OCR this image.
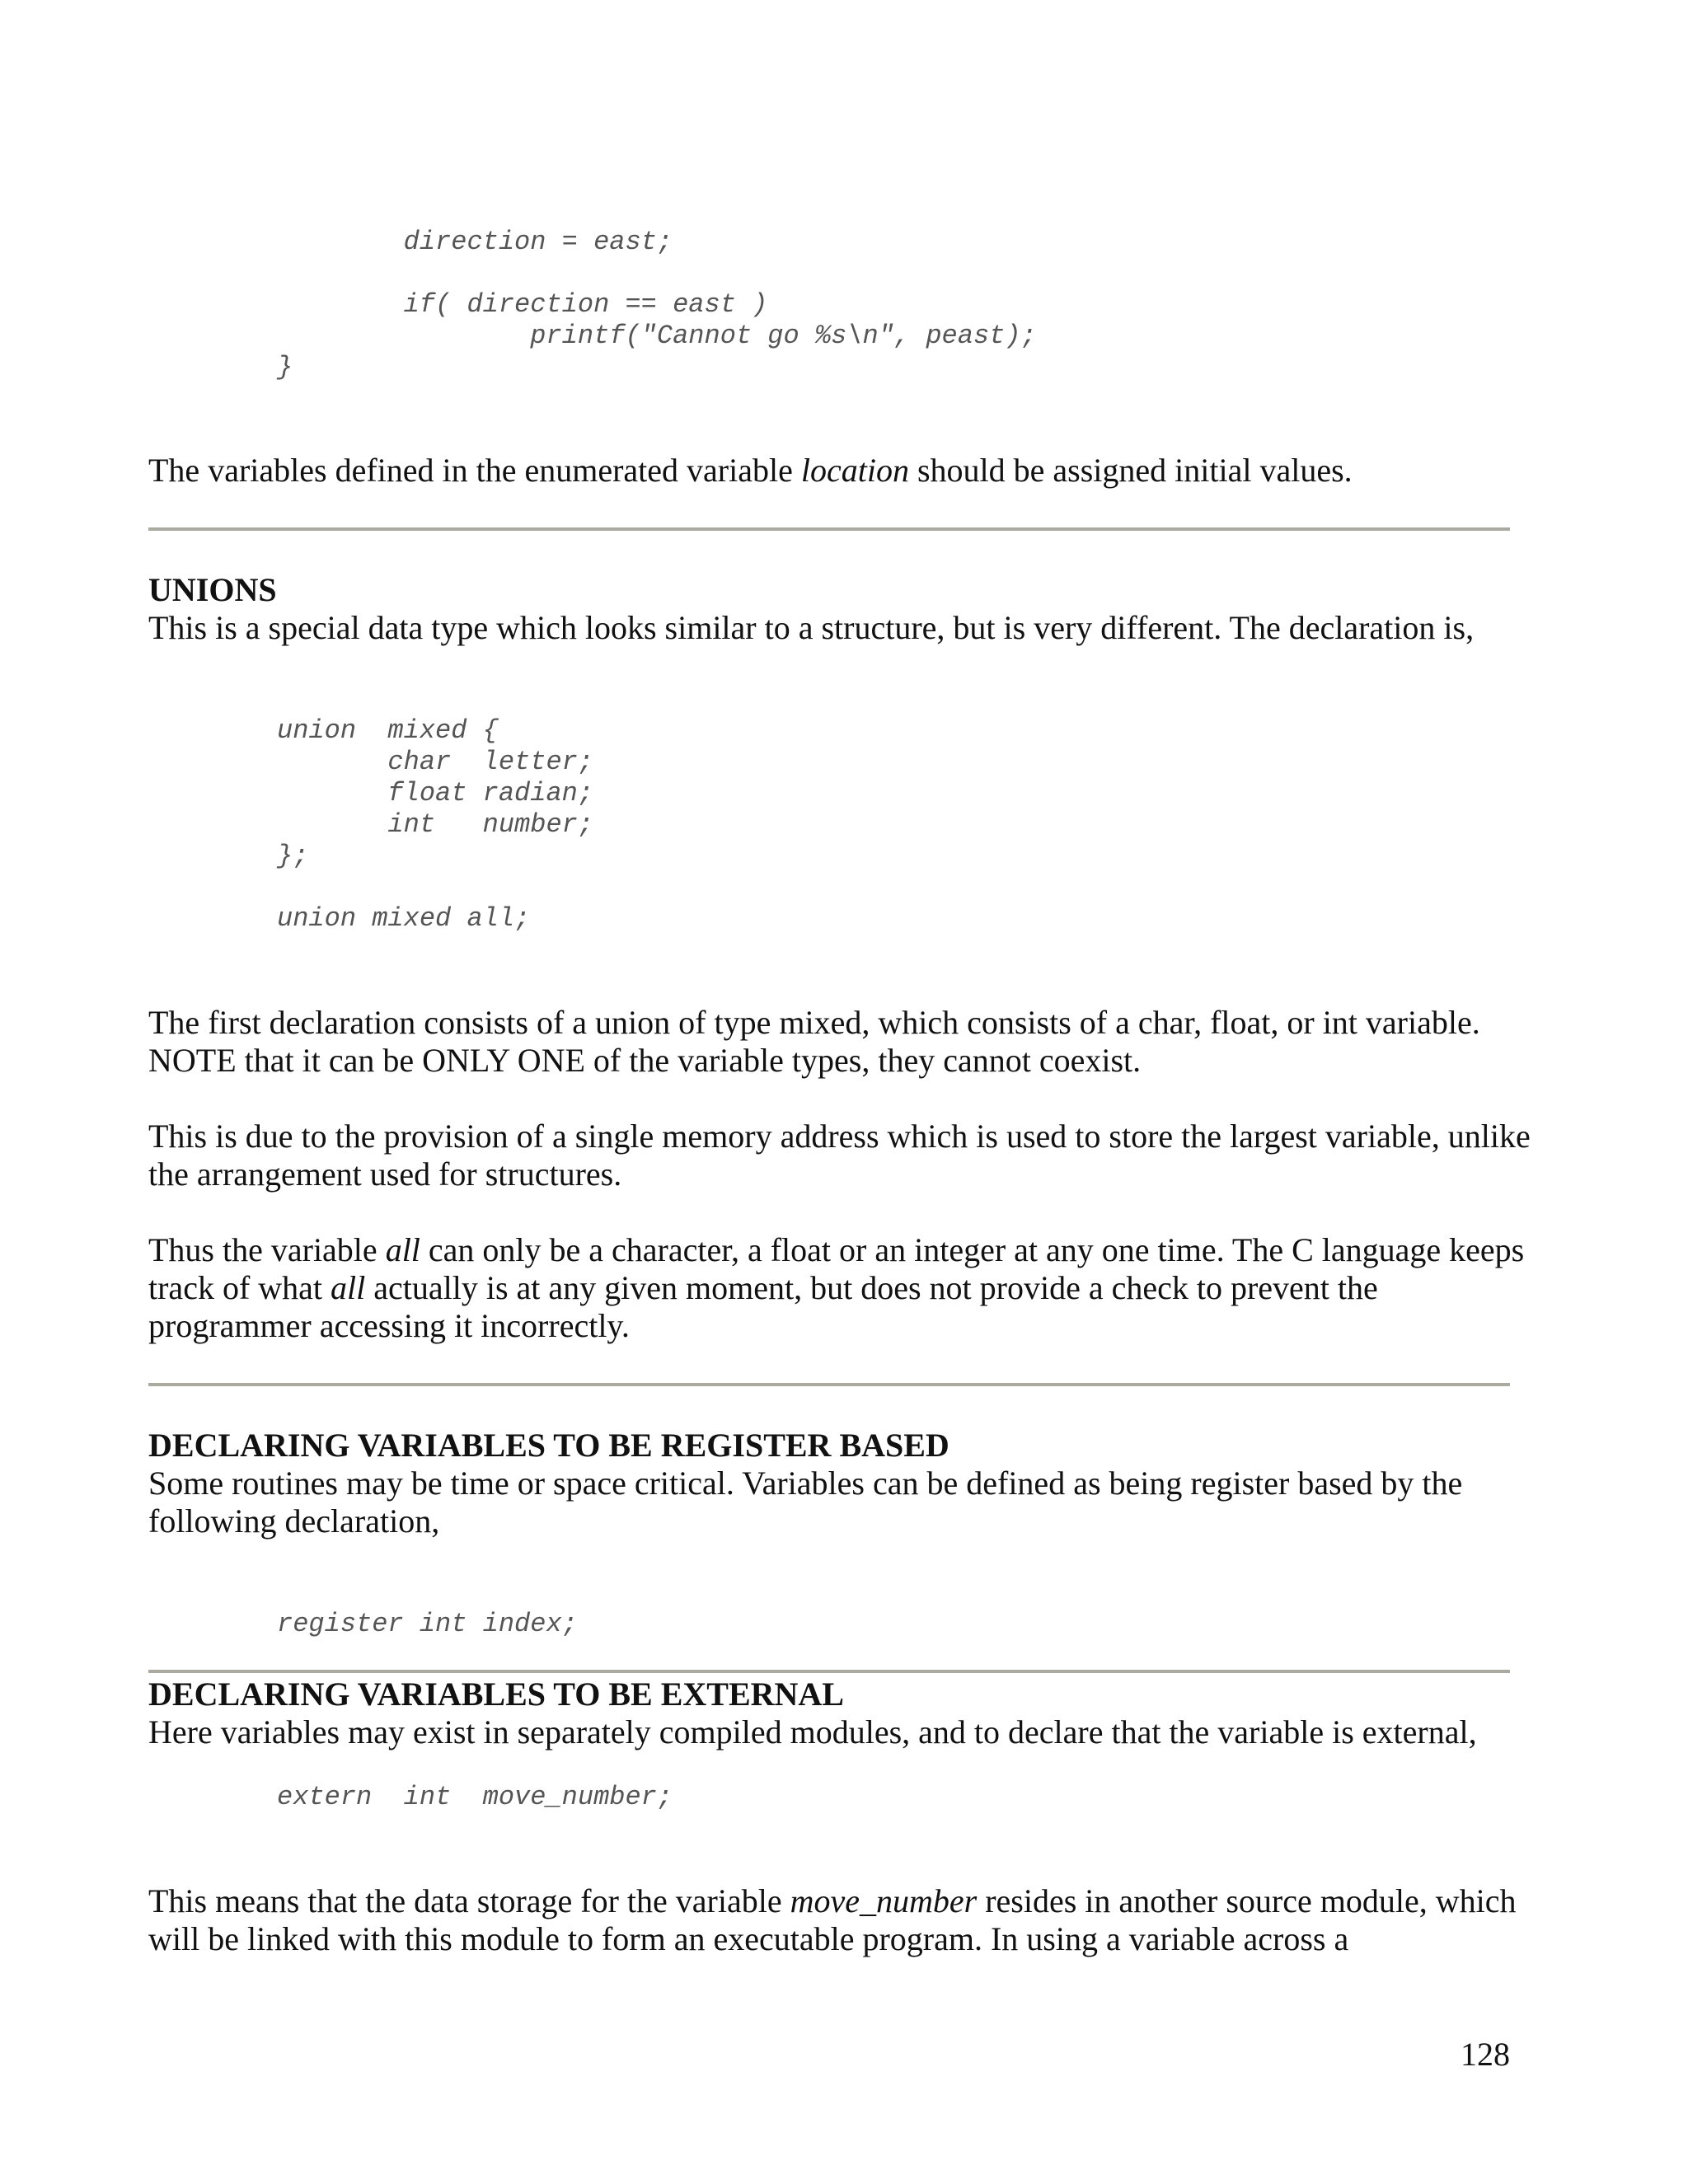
direction = east;

if( direction == east )
printf("Cannot go %s\n", peast);
}

The variables defined in the enumerated variable location should be assigned initial values.

UNIONS

This is a special data type which looks similar to a structure, but is very different. The declaration is,

union  mixed {
char  letter;
float radian;
int   number;
};

union mixed all;

The first declaration consists of a union of type mixed, which consists of a char, float, or int variable. NOTE that it can be ONLY ONE of the variable types, they cannot coexist.

This is due to the provision of a single memory address which is used to store the largest variable, unlike the arrangement used for structures.

Thus the variable all can only be a character, a float or an integer at any one time. The C language keeps track of what all actually is at any given moment, but does not provide a check to prevent the programmer accessing it incorrectly.

DECLARING VARIABLES TO BE REGISTER BASED

Some routines may be time or space critical. Variables can be defined as being register based by the following declaration,

register int index;
DECLARING VARIABLES TO BE EXTERNAL

Here variables may exist in separately compiled modules, and to declare that the variable is external,

extern  int  move_number;

This means that the data storage for the variable move_number resides in another source module, which will be linked with this module to form an executable program. In using a variable across a

128
